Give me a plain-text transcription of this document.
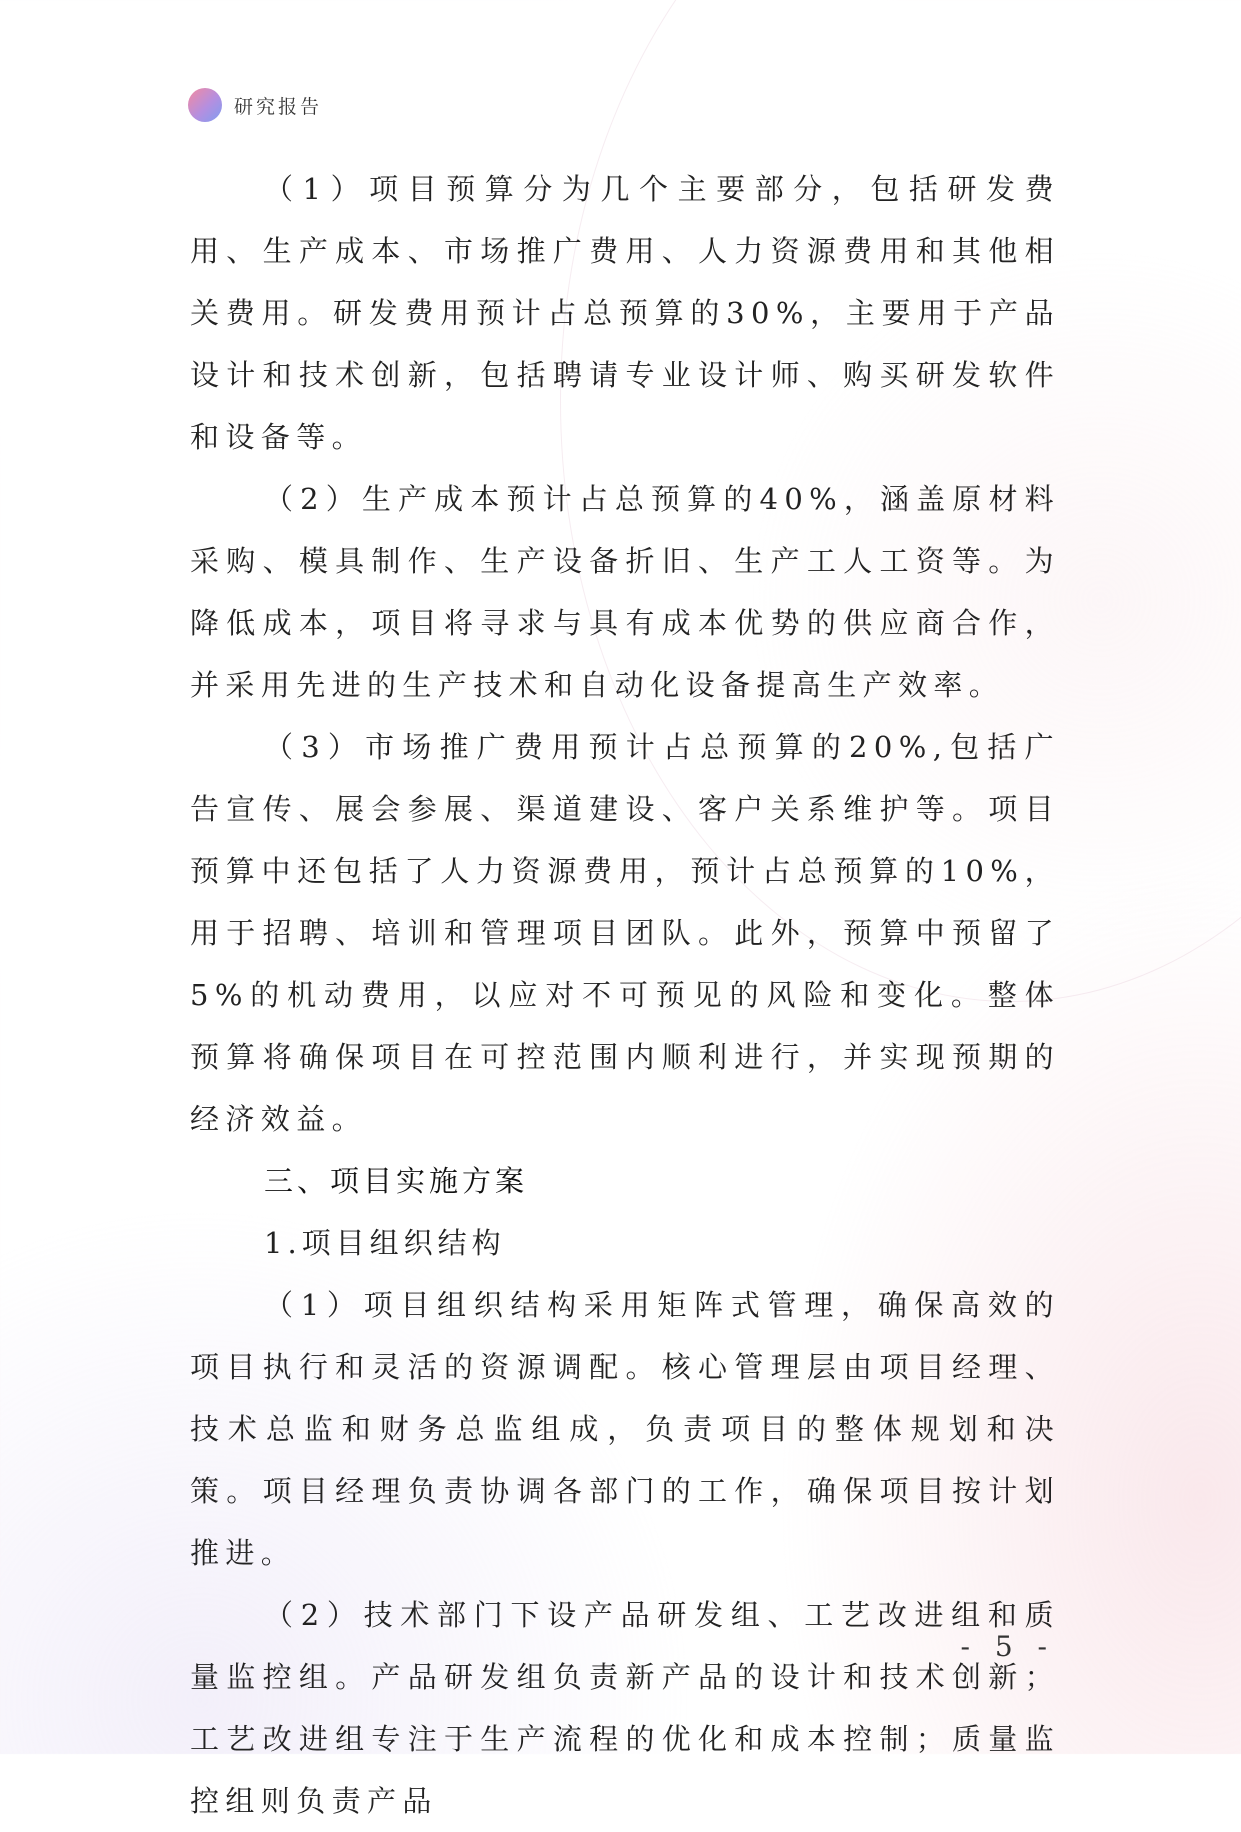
研究报告

（1）项目预算分为几个主要部分，包括研发费用、生产成本、市场推广费用、人力资源费用和其他相关费用。研发费用预计占总预算的30%，主要用于产品设计和技术创新，包括聘请专业设计师、购买研发软件和设备等。

（2）生产成本预计占总预算的40%，涵盖原材料采购、模具制作、生产设备折旧、生产工人工资等。为降低成本，项目将寻求与具有成本优势的供应商合作，并采用先进的生产技术和自动化设备提高生产效率。

（3）市场推广费用预计占总预算的20%,包括广告宣传、展会参展、渠道建设、客户关系维护等。项目预算中还包括了人力资源费用，预计占总预算的10%，用于招聘、培训和管理项目团队。此外，预算中预留了5%的机动费用，以应对不可预见的风险和变化。整体预算将确保项目在可控范围内顺利进行，并实现预期的经济效益。

三、项目实施方案

1.项目组织结构

（1）项目组织结构采用矩阵式管理，确保高效的项目执行和灵活的资源调配。核心管理层由项目经理、技术总监和财务总监组成，负责项目的整体规划和决策。项目经理负责协调各部门的工作，确保项目按计划推进。

（2）技术部门下设产品研发组、工艺改进组和质量监控组。产品研发组负责新产品的设计和技术创新；工艺改进组专注于生产流程的优化和成本控制；质量监控组则负责产品

- 5 -
